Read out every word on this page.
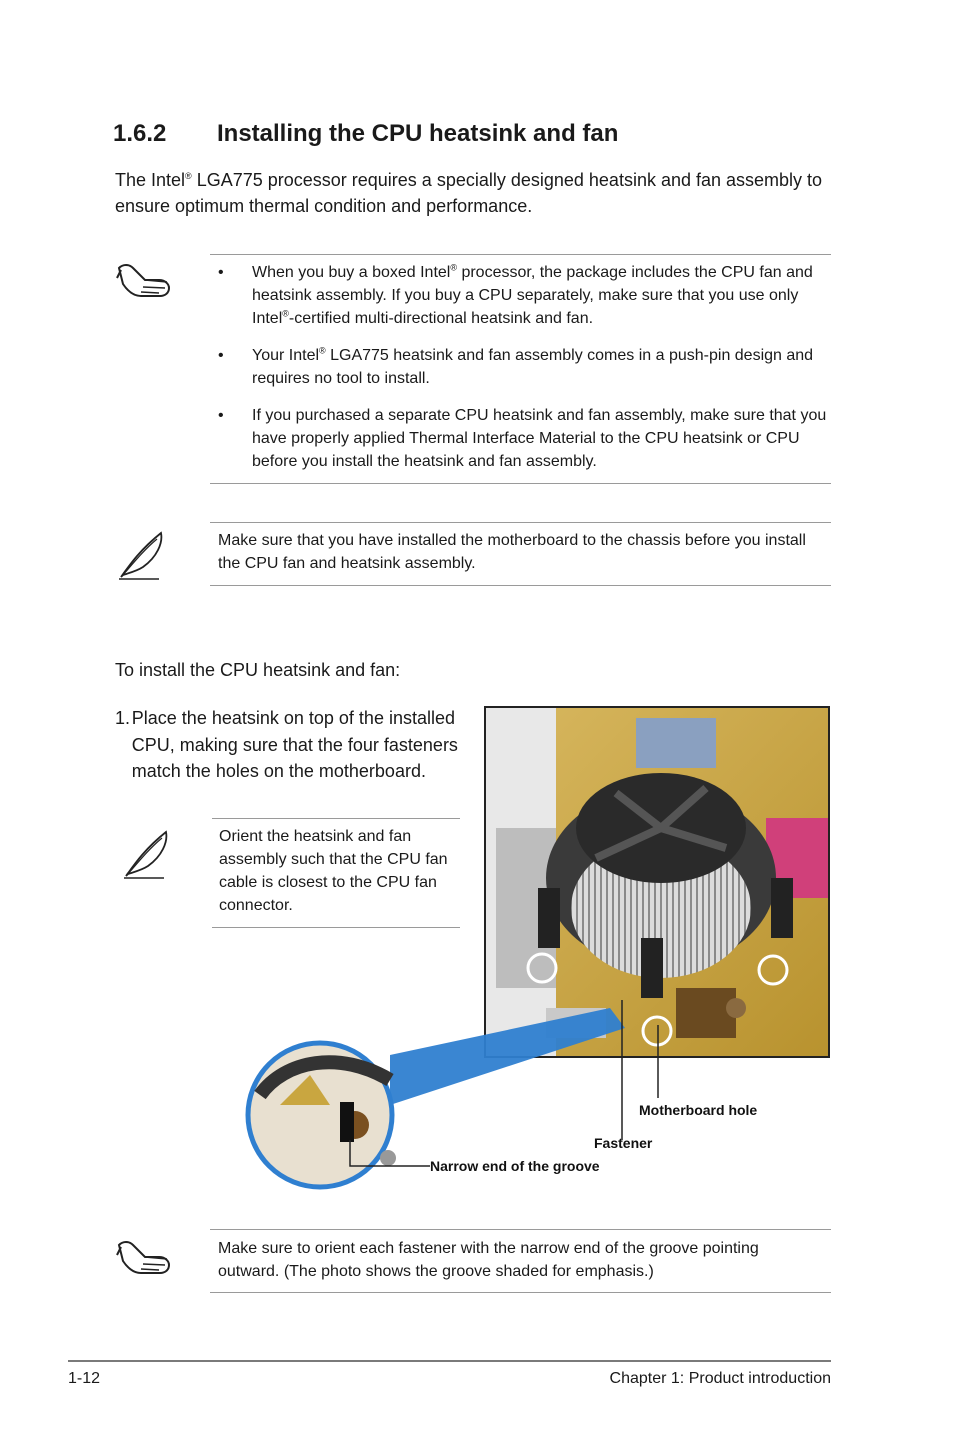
1.6.2	Installing the CPU heatsink and fan
The Intel® LGA775 processor requires a specially designed heatsink and fan assembly to ensure optimum thermal condition and performance.
• When you buy a boxed Intel® processor, the package includes the CPU fan and heatsink assembly. If you buy a CPU separately, make sure that you use only Intel®-certified multi-directional heatsink and fan.
• Your Intel® LGA775 heatsink and fan assembly comes in a push-pin design and requires no tool to install.
• If you purchased a separate CPU heatsink and fan assembly, make sure that you have properly applied Thermal Interface Material to the CPU heatsink or CPU before you install the heatsink and fan assembly.
Make sure that you have installed the motherboard to the chassis before you install the CPU fan and heatsink assembly.
To install the CPU heatsink and fan:
1. Place the heatsink on top of the installed CPU, making sure that the four fasteners match the holes on the motherboard.
Orient the heatsink and fan assembly such that the CPU fan cable is closest to the CPU fan connector.
Motherboard hole
Fastener
Narrow end of the groove
Make sure to orient each fastener with the narrow end of the groove pointing outward. (The photo shows the groove shaded for emphasis.)
1-12	Chapter 1: Product introduction
